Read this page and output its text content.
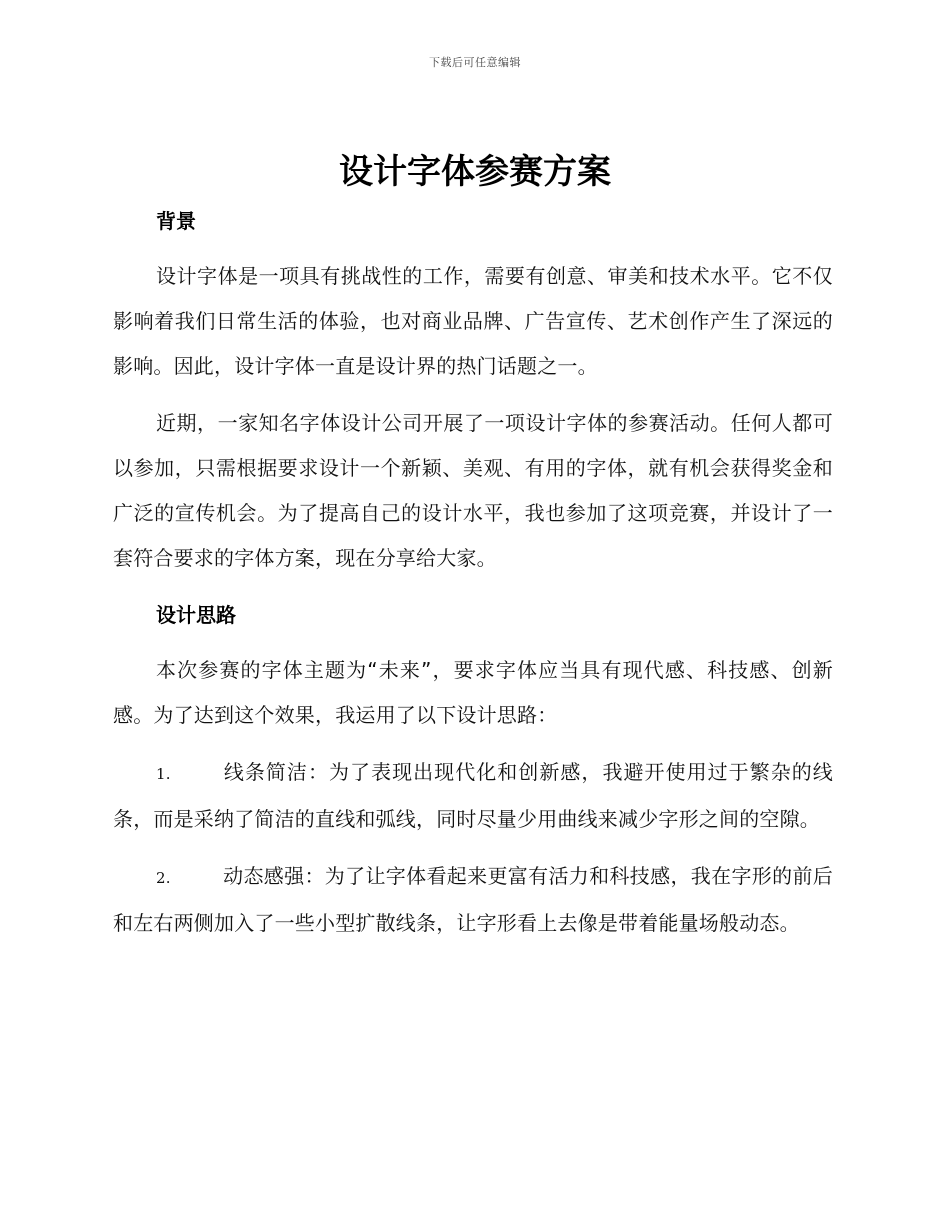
下载后可任意编辑
设计字体参赛方案
背景

设计字体是一项具有挑战性的工作，需要有创意、审美和技术水平。它不仅影响着我们日常生活的体验，也对商业品牌、广告宣传、艺术创作产生了深远的影响。因此，设计字体一直是设计界的热门话题之一。

近期，一家知名字体设计公司开展了一项设计字体的参赛活动。任何人都可以参加，只需根据要求设计一个新颖、美观、有用的字体，就有机会获得奖金和广泛的宣传机会。为了提高自己的设计水平，我也参加了这项竞赛，并设计了一套符合要求的字体方案，现在分享给大家。

设计思路

本次参赛的字体主题为“未来”，要求字体应当具有现代感、科技感、创新感。为了达到这个效果，我运用了以下设计思路：

1.	线条简洁：为了表现出现代化和创新感，我避开使用过于繁杂的线条，而是采纳了简洁的直线和弧线，同时尽量少用曲线来减少字形之间的空隙。

2.	动态感强：为了让字体看起来更富有活力和科技感，我在字形的前后和左右两侧加入了一些小型扩散线条，让字形看上去像是带着能量场般动态。
